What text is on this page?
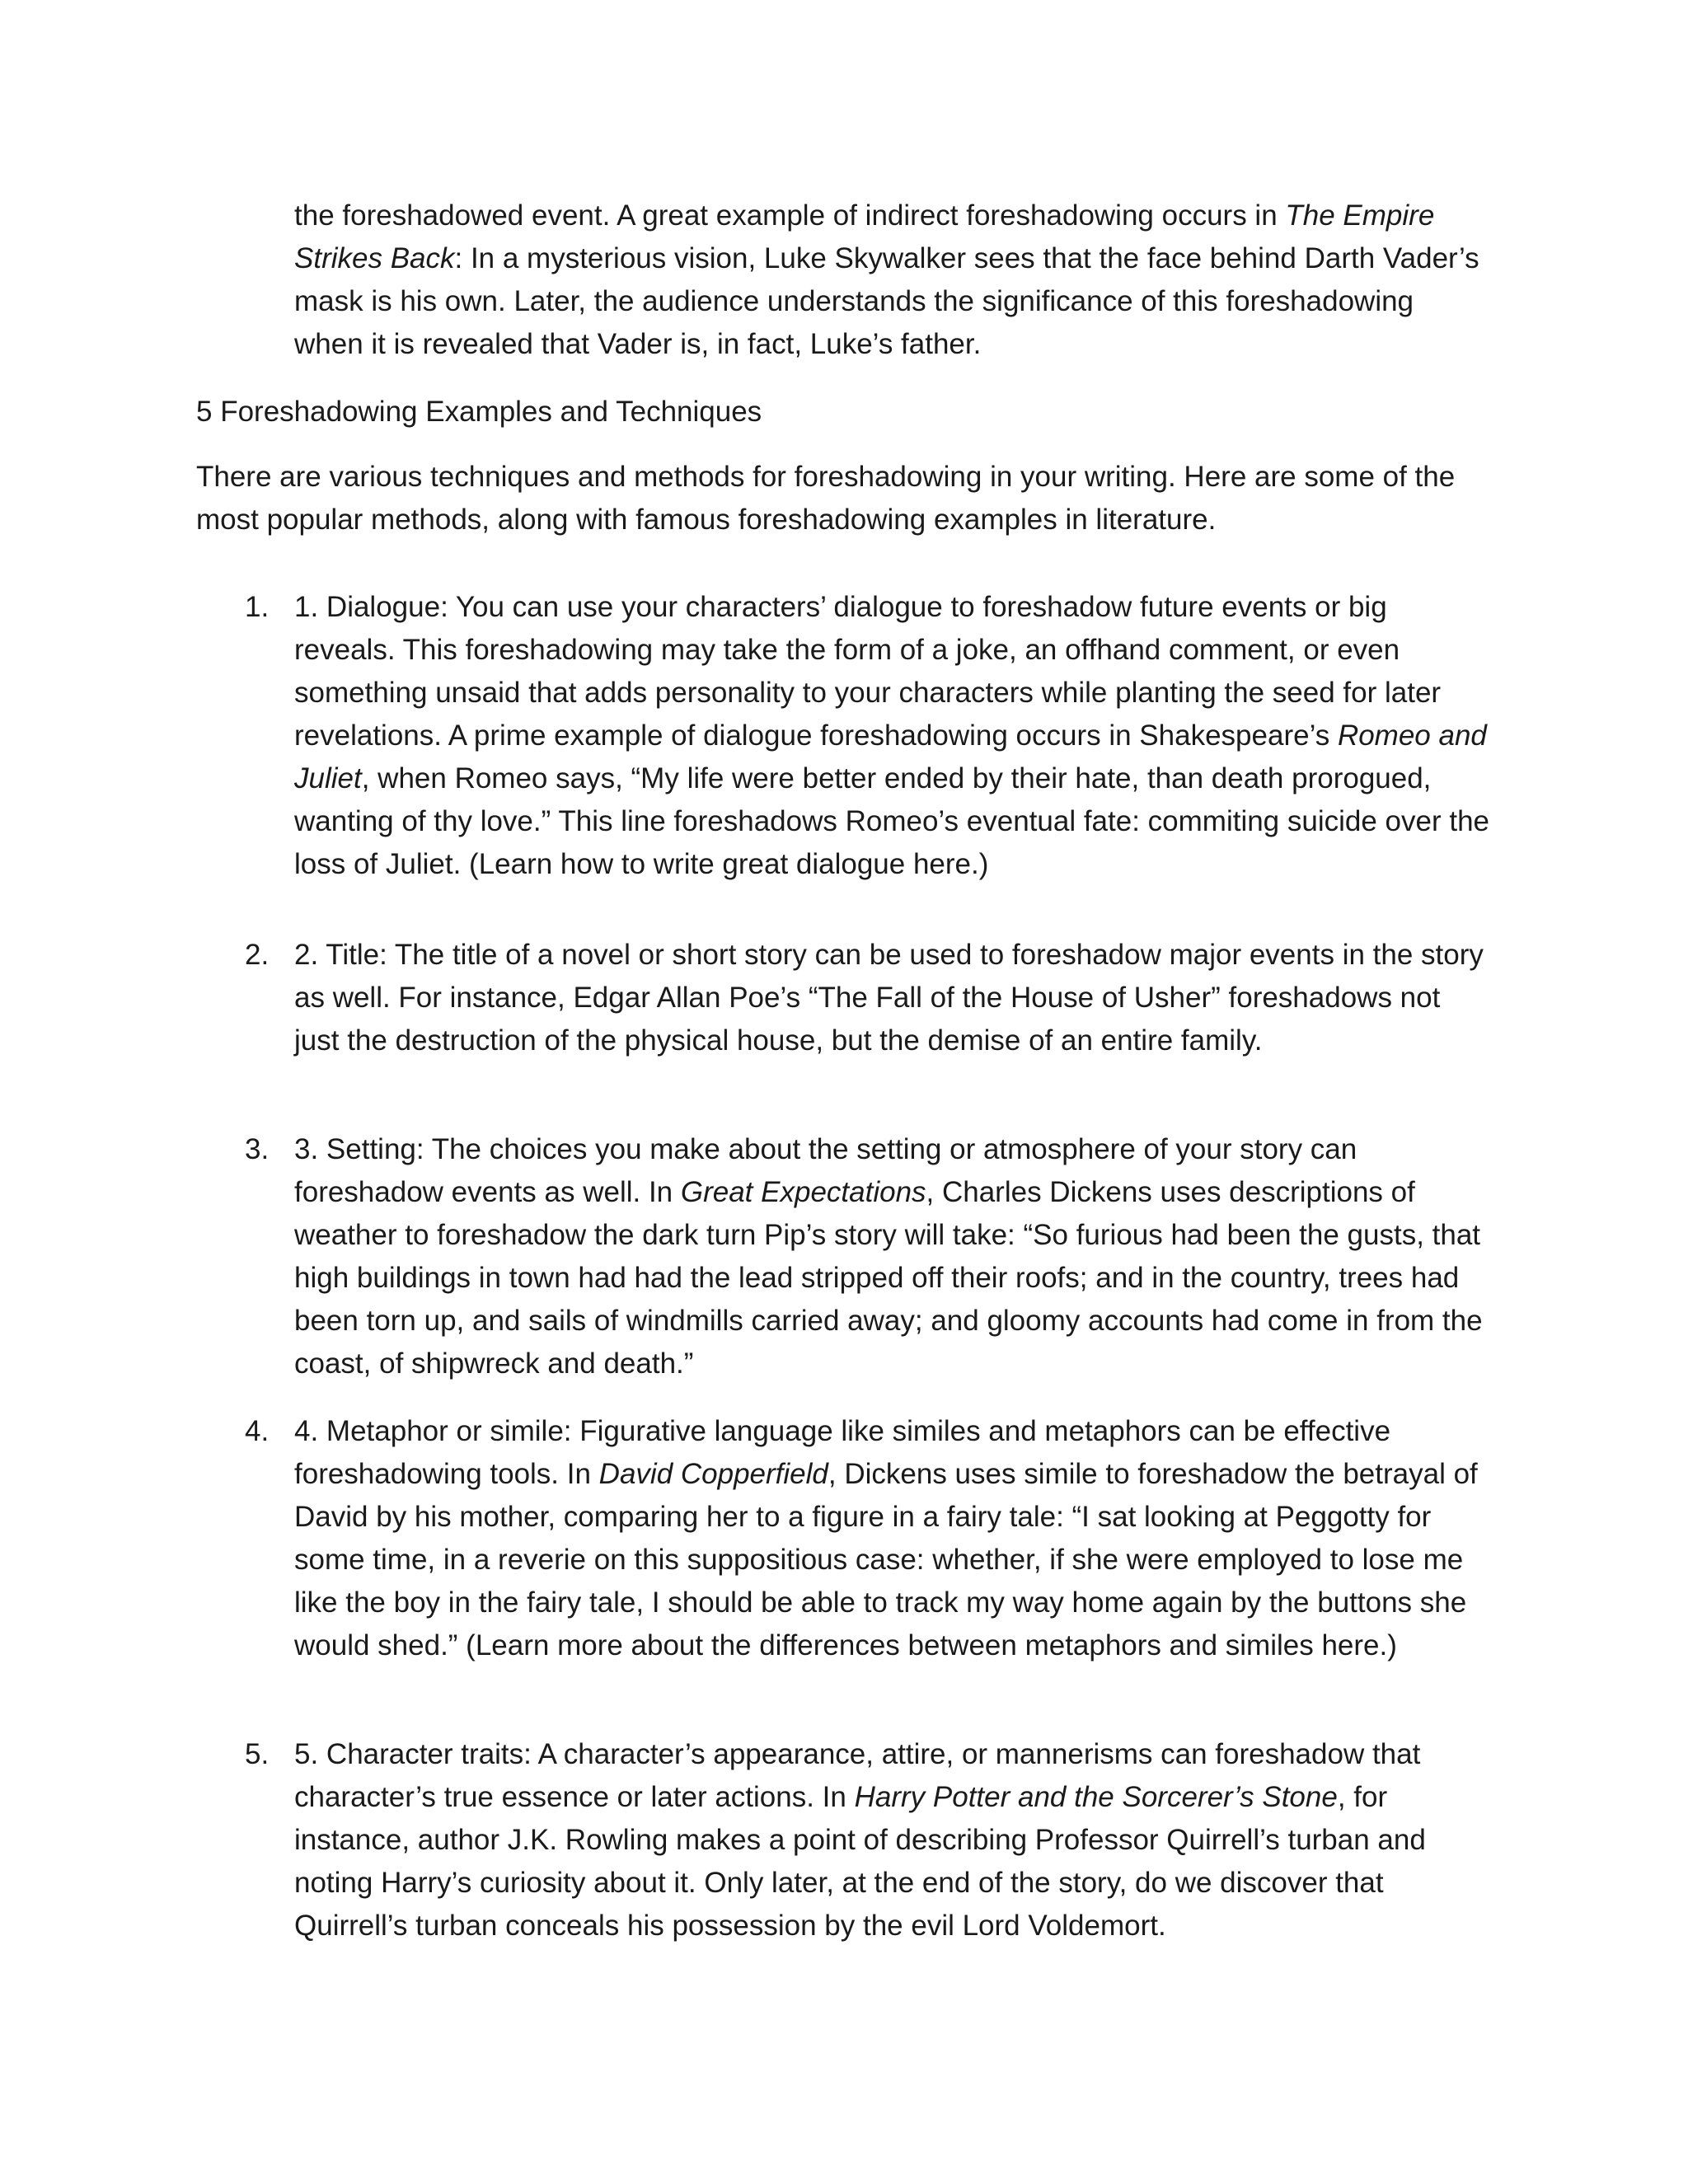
the foreshadowed event. A great example of indirect foreshadowing occurs in The Empire Strikes Back: In a mysterious vision, Luke Skywalker sees that the face behind Darth Vader’s mask is his own. Later, the audience understands the significance of this foreshadowing when it is revealed that Vader is, in fact, Luke’s father.
5 Foreshadowing Examples and Techniques
There are various techniques and methods for foreshadowing in your writing. Here are some of the most popular methods, along with famous foreshadowing examples in literature.
1. 1. Dialogue: You can use your characters’ dialogue to foreshadow future events or big reveals. This foreshadowing may take the form of a joke, an offhand comment, or even something unsaid that adds personality to your characters while planting the seed for later revelations. A prime example of dialogue foreshadowing occurs in Shakespeare’s Romeo and Juliet, when Romeo says, “My life were better ended by their hate, than death prorogued, wanting of thy love.” This line foreshadows Romeo’s eventual fate: commiting suicide over the loss of Juliet. (Learn how to write great dialogue here.)
2. 2. Title: The title of a novel or short story can be used to foreshadow major events in the story as well. For instance, Edgar Allan Poe’s “The Fall of the House of Usher” foreshadows not just the destruction of the physical house, but the demise of an entire family.
3. 3. Setting: The choices you make about the setting or atmosphere of your story can foreshadow events as well. In Great Expectations, Charles Dickens uses descriptions of weather to foreshadow the dark turn Pip’s story will take: “So furious had been the gusts, that high buildings in town had had the lead stripped off their roofs; and in the country, trees had been torn up, and sails of windmills carried away; and gloomy accounts had come in from the coast, of shipwreck and death.”
4. 4. Metaphor or simile: Figurative language like similes and metaphors can be effective foreshadowing tools. In David Copperfield, Dickens uses simile to foreshadow the betrayal of David by his mother, comparing her to a figure in a fairy tale: “I sat looking at Peggotty for some time, in a reverie on this suppositious case: whether, if she were employed to lose me like the boy in the fairy tale, I should be able to track my way home again by the buttons she would shed.” (Learn more about the differences between metaphors and similes here.)
5. 5. Character traits: A character’s appearance, attire, or mannerisms can foreshadow that character’s true essence or later actions. In Harry Potter and the Sorcerer’s Stone, for instance, author J.K. Rowling makes a point of describing Professor Quirrell’s turban and noting Harry’s curiosity about it. Only later, at the end of the story, do we discover that Quirrell’s turban conceals his possession by the evil Lord Voldemort.
